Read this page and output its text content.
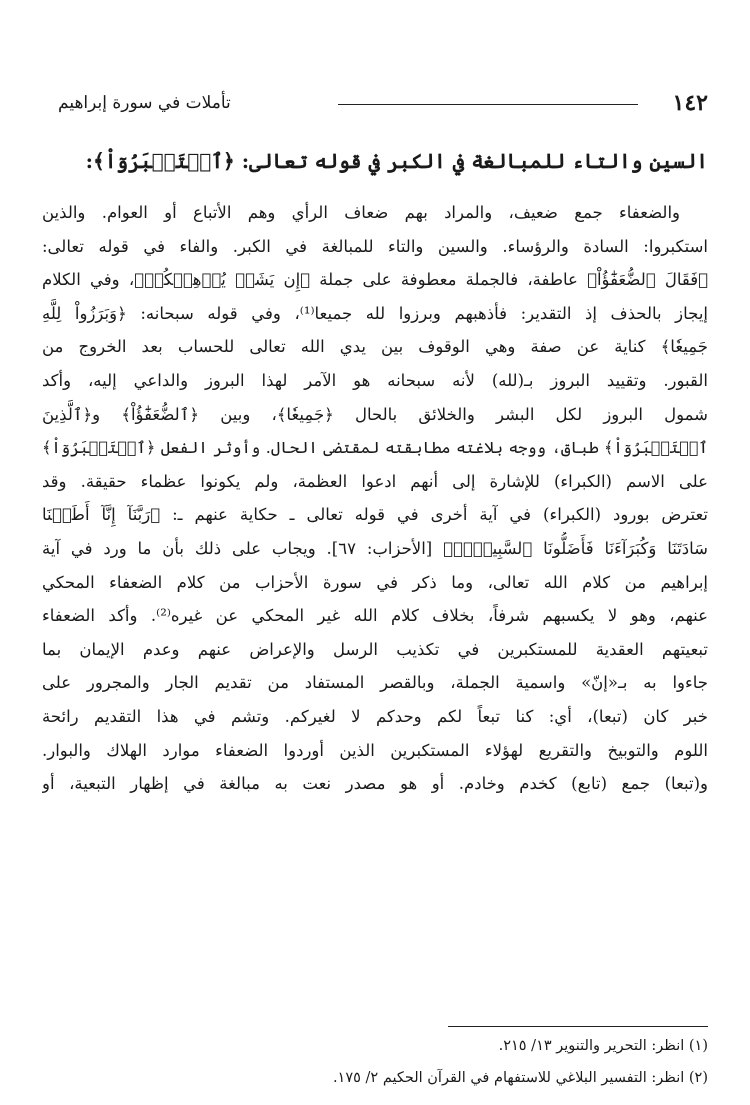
١٤٢
تأملات في سورة إبراهيم
السين والتاء للمبالغة في الكبر في قوله تعالى: ﴿ٱسۡتَكۡبَرُوٓاْ﴾:
والضعفاء جمع ضعيف، والمراد بهم ضعاف الرأي وهم الأتباع أو العوام. والذين
استكبروا: السادة والرؤساء. والسين والتاء للمبالغة في الكبر. والفاء في قوله تعالى:
﴿فَقَالَ ٱلضُّعَفَٰٓؤُاْ﴾ عاطفة، فالجملة معطوفة على جملة ﴿إِن يَشَأۡ يُذۡهِبۡكُمۡ﴾، وفي الكلام
إيجاز بالحذف إذ التقدير: فأذهبهم وبرزوا لله جميعا⁽¹⁾، وفي قوله سبحانه: ﴿وَبَرَزُواْ لِلَّهِ
جَمِيعٗا﴾ كناية عن صفة وهي الوقوف بين يدي الله تعالى للحساب بعد الخروج من
القبور. وتقييد البروز بـ(لله) لأنه سبحانه هو الآمر لهذا البروز والداعي إليه، وأكد
شمول البروز لكل البشر والخلائق بالحال ﴿جَمِيعٗا﴾، وبين ﴿ٱلضُّعَفَٰٓؤُاْ﴾ و﴿ٱلَّذِينَ
ٱسۡتَكۡبَرُوٓاْ﴾ طباق، ووجه بلاغته مطابقته لمقتضى الحال. وأوثر الفعل ﴿ٱسۡتَكۡبَرُوٓاْ﴾
على الاسم (الكبراء) للإشارة إلى أنهم ادعوا العظمة، ولم يكونوا عظماء حقيقة. وقد
تعترض بورود (الكبراء) في آية أخرى في قوله تعالى ـ حكاية عنهم ـ: ﴿رَبَّنَآ إِنَّآ أَطَعۡنَا
سَادَتَنَا وَكُبَرَآءَنَا فَأَضَلُّونَا ٱلسَّبِيلَا۠﴾ [الأحزاب: ٦٧]. ويجاب على ذلك بأن ما ورد في آية
إبراهيم من كلام الله تعالى، وما ذكر في سورة الأحزاب من كلام الضعفاء المحكي
عنهم، وهو لا يكسبهم شرفاً، بخلاف كلام الله غير المحكي عن غيره⁽²⁾. وأكد الضعفاء
تبعيتهم العقدية للمستكبرين في تكذيب الرسل والإعراض عنهم وعدم الإيمان بما
جاءوا به بـ«إنّ» واسمية الجملة، وبالقصر المستفاد من تقديم الجار والمجرور على
خبر كان (تبعا)، أي: كنا تبعاً لكم وحدكم لا لغيركم. وتشم في هذا التقديم رائحة
اللوم والتوبيخ والتقريع لهؤلاء المستكبرين الذين أوردوا الضعفاء موارد الهلاك والبوار.
و(تبعا) جمع (تابع) كخدم وخادم. أو هو مصدر نعت به مبالغة في إظهار التبعية، أو
(١) انظر: التحرير والتنوير ١٣/ ٢١٥.
(٢) انظر: التفسير البلاغي للاستفهام في القرآن الحكيم ٢/ ١٧٥.
